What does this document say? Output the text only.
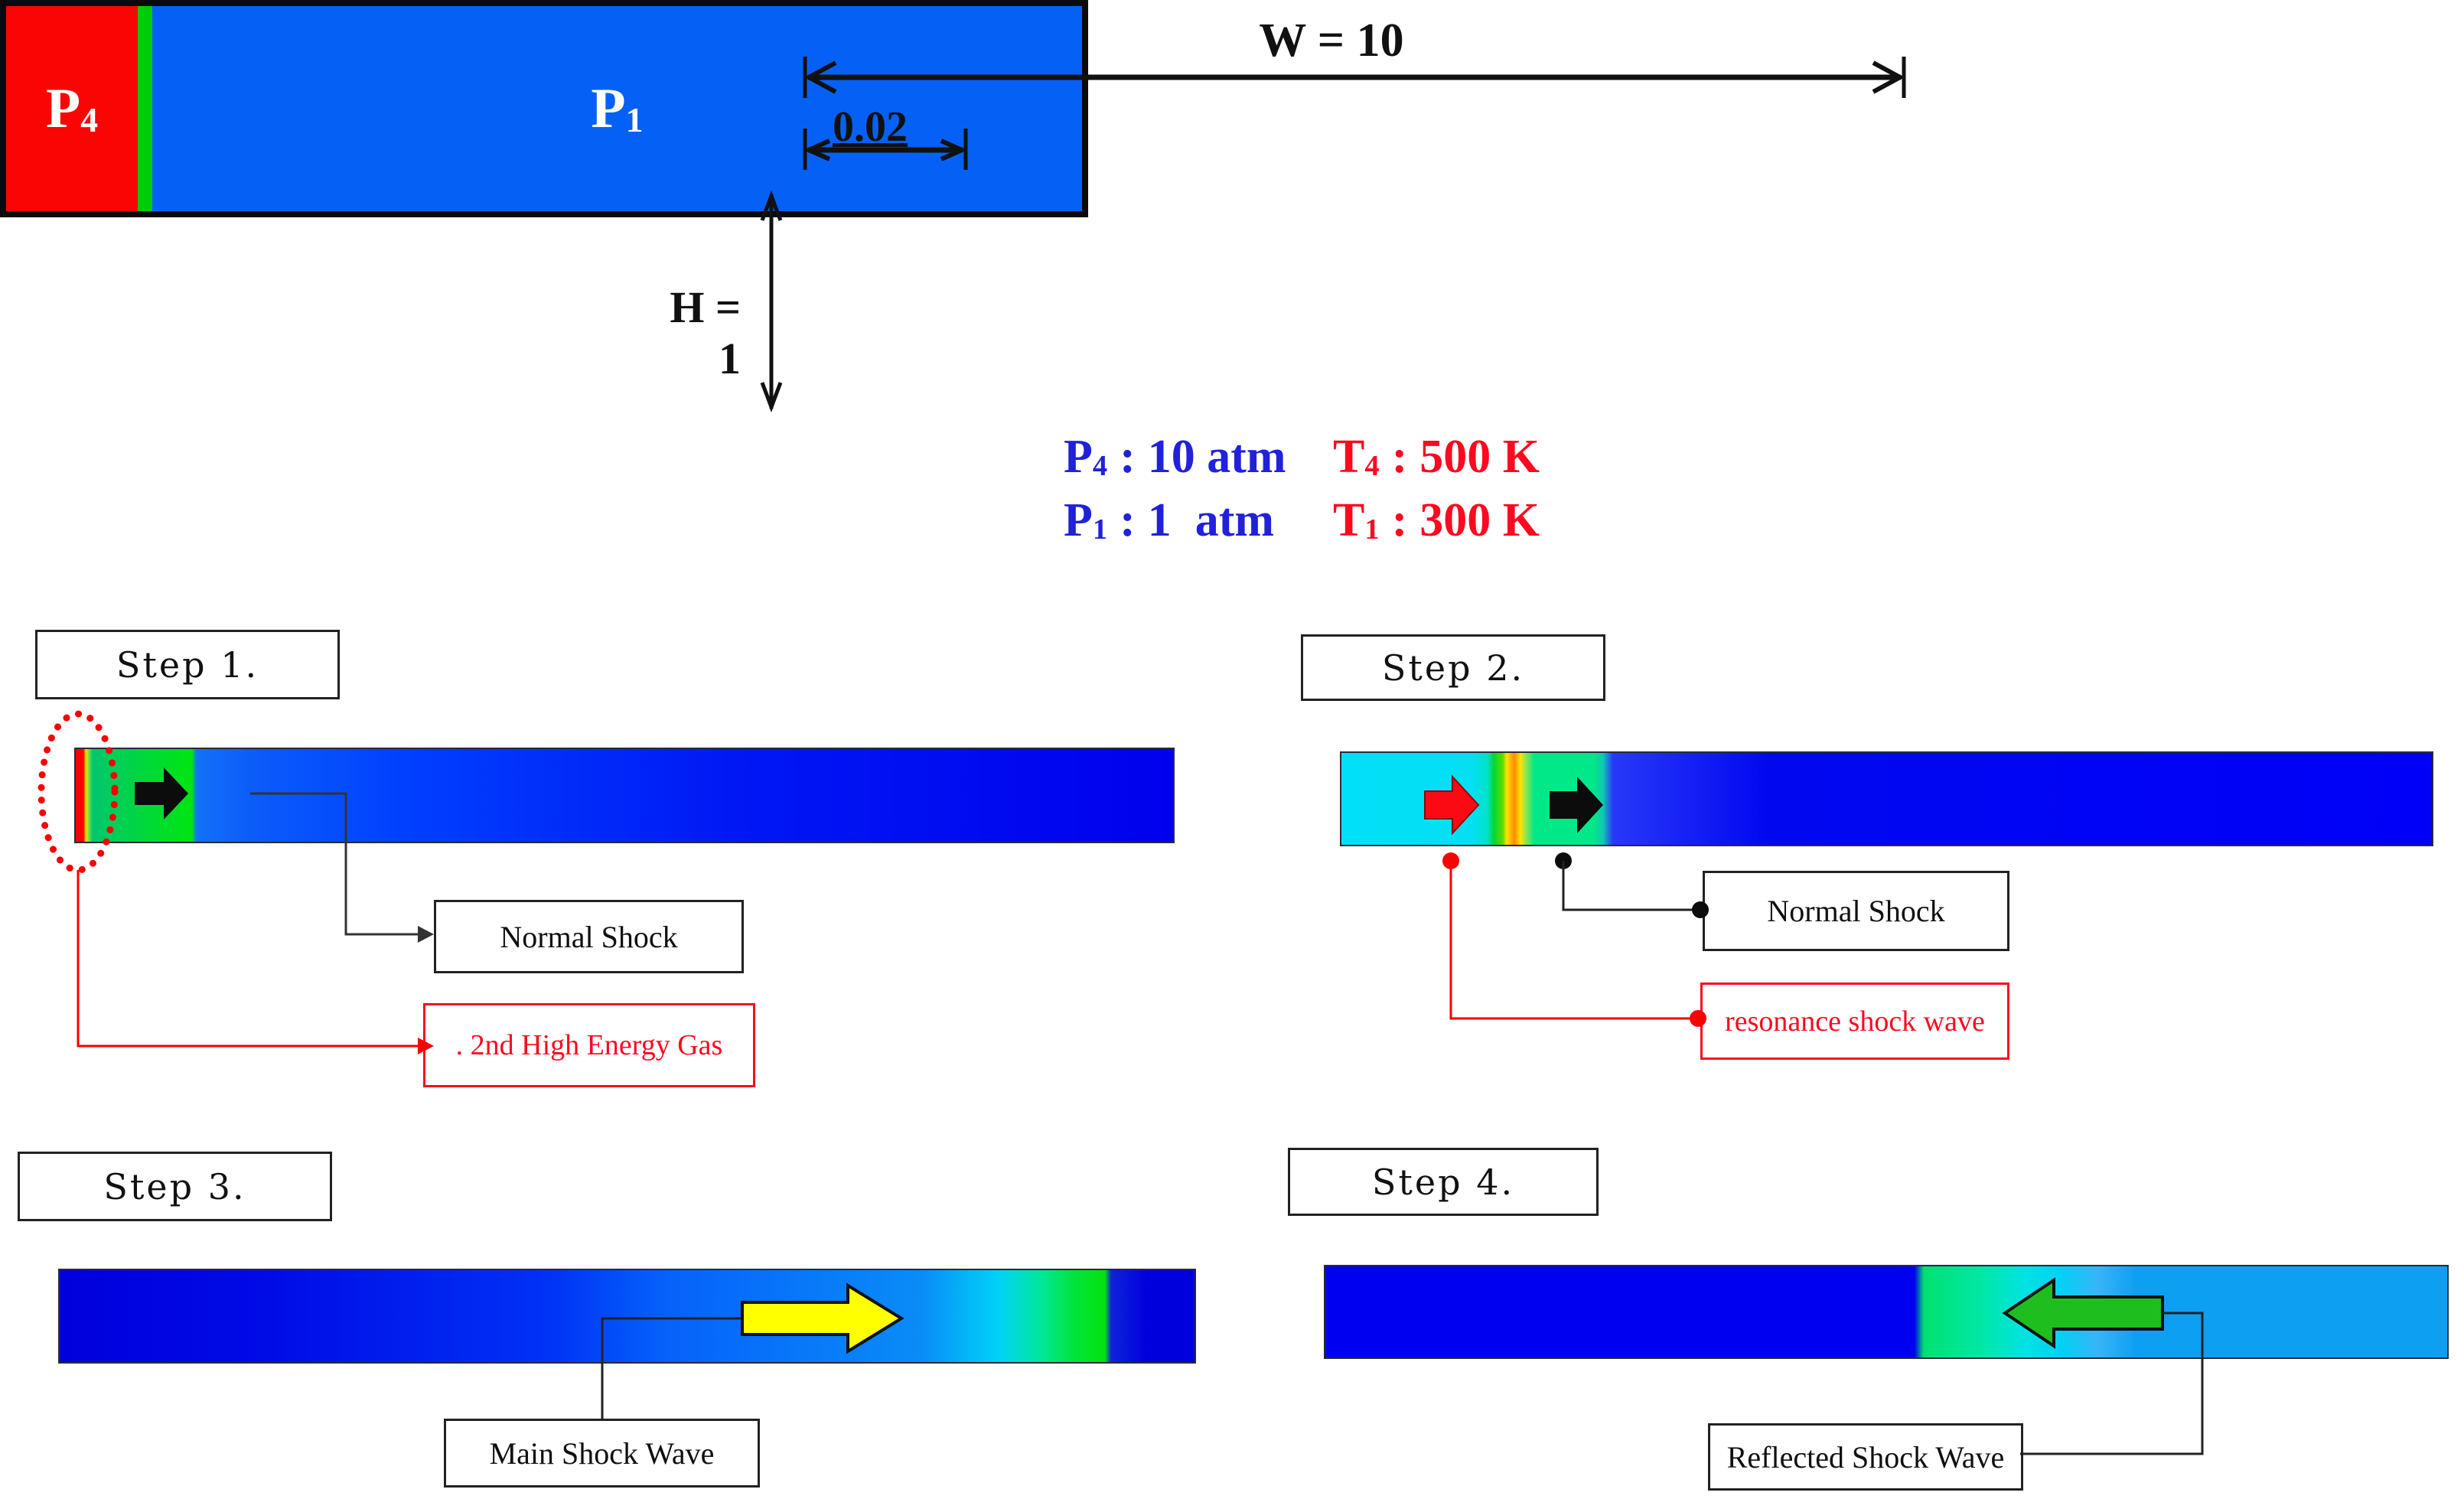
W = 10
0.02
H = 1
P4	P1
P4 : 10 atm T4 : 500 K
P1 : 1  atm	T1 : 300 K
Step 1.	Step 2.
Step 3.	Step 4.
Normal Shock
. 2nd High Energy Gas
Normal Shock
resonance shock wave
Main Shock Wave	Reflected Shock Wave
